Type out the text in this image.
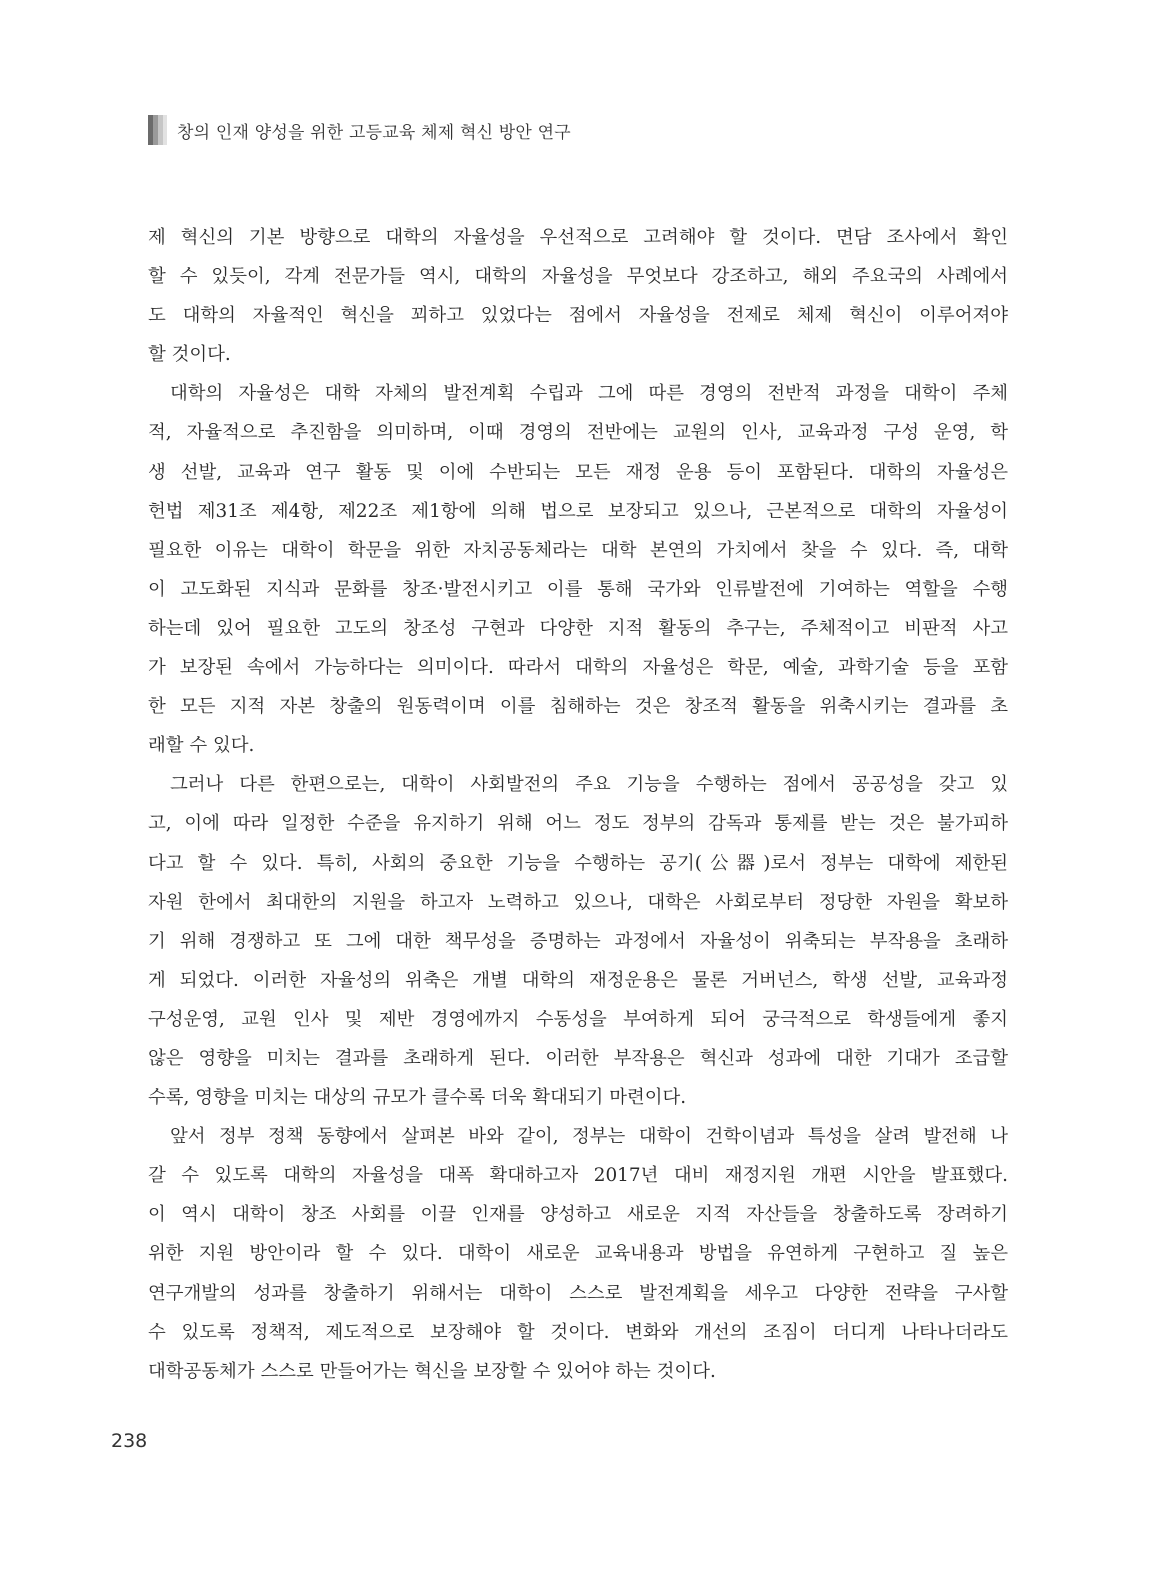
창의 인재 양성을 위한 고등교육 체제 혁신 방안 연구
제 혁신의 기본 방향으로 대학의 자율성을 우선적으로 고려해야 할 것이다. 면담 조사에서 확인
할 수 있듯이, 각계 전문가들 역시, 대학의 자율성을 무엇보다 강조하고, 해외 주요국의 사례에서
도 대학의 자율적인 혁신을 꾀하고 있었다는 점에서 자율성을 전제로 체제 혁신이 이루어져야
할 것이다.
대학의 자율성은 대학 자체의 발전계획 수립과 그에 따른 경영의 전반적 과정을 대학이 주체
적, 자율적으로 추진함을 의미하며, 이때 경영의 전반에는 교원의 인사, 교육과정 구성 운영, 학
생 선발, 교육과 연구 활동 및 이에 수반되는 모든 재정 운용 등이 포함된다. 대학의 자율성은
헌법 제31조 제4항, 제22조 제1항에 의해 법으로 보장되고 있으나, 근본적으로 대학의 자율성이
필요한 이유는 대학이 학문을 위한 자치공동체라는 대학 본연의 가치에서 찾을 수 있다. 즉, 대학
이 고도화된 지식과 문화를 창조·발전시키고 이를 통해 국가와 인류발전에 기여하는 역할을 수행
하는데 있어 필요한 고도의 창조성 구현과 다양한 지적 활동의 추구는, 주체적이고 비판적 사고
가 보장된 속에서 가능하다는 의미이다. 따라서 대학의 자율성은 학문, 예술, 과학기술 등을 포함
한 모든 지적 자본 창출의 원동력이며 이를 침해하는 것은 창조적 활동을 위축시키는 결과를 초
래할 수 있다.
그러나 다른 한편으로는, 대학이 사회발전의 주요 기능을 수행하는 점에서 공공성을 갖고 있
고, 이에 따라 일정한 수준을 유지하기 위해 어느 정도 정부의 감독과 통제를 받는 것은 불가피하
다고 할 수 있다. 특히, 사회의 중요한 기능을 수행하는 공기(公器)로서 정부는 대학에 제한된
자원 한에서 최대한의 지원을 하고자 노력하고 있으나, 대학은 사회로부터 정당한 자원을 확보하
기 위해 경쟁하고 또 그에 대한 책무성을 증명하는 과정에서 자율성이 위축되는 부작용을 초래하
게 되었다. 이러한 자율성의 위축은 개별 대학의 재정운용은 물론 거버넌스, 학생 선발, 교육과정
구성운영, 교원 인사 및 제반 경영에까지 수동성을 부여하게 되어 궁극적으로 학생들에게 좋지
않은 영향을 미치는 결과를 초래하게 된다. 이러한 부작용은 혁신과 성과에 대한 기대가 조급할
수록, 영향을 미치는 대상의 규모가 클수록 더욱 확대되기 마련이다.
앞서 정부 정책 동향에서 살펴본 바와 같이, 정부는 대학이 건학이념과 특성을 살려 발전해 나
갈 수 있도록 대학의 자율성을 대폭 확대하고자 2017년 대비 재정지원 개편 시안을 발표했다.
이 역시 대학이 창조 사회를 이끌 인재를 양성하고 새로운 지적 자산들을 창출하도록 장려하기
위한 지원 방안이라 할 수 있다. 대학이 새로운 교육내용과 방법을 유연하게 구현하고 질 높은
연구개발의 성과를 창출하기 위해서는 대학이 스스로 발전계획을 세우고 다양한 전략을 구사할
수 있도록 정책적, 제도적으로 보장해야 할 것이다. 변화와 개선의 조짐이 더디게 나타나더라도
대학공동체가 스스로 만들어가는 혁신을 보장할 수 있어야 하는 것이다.
238
